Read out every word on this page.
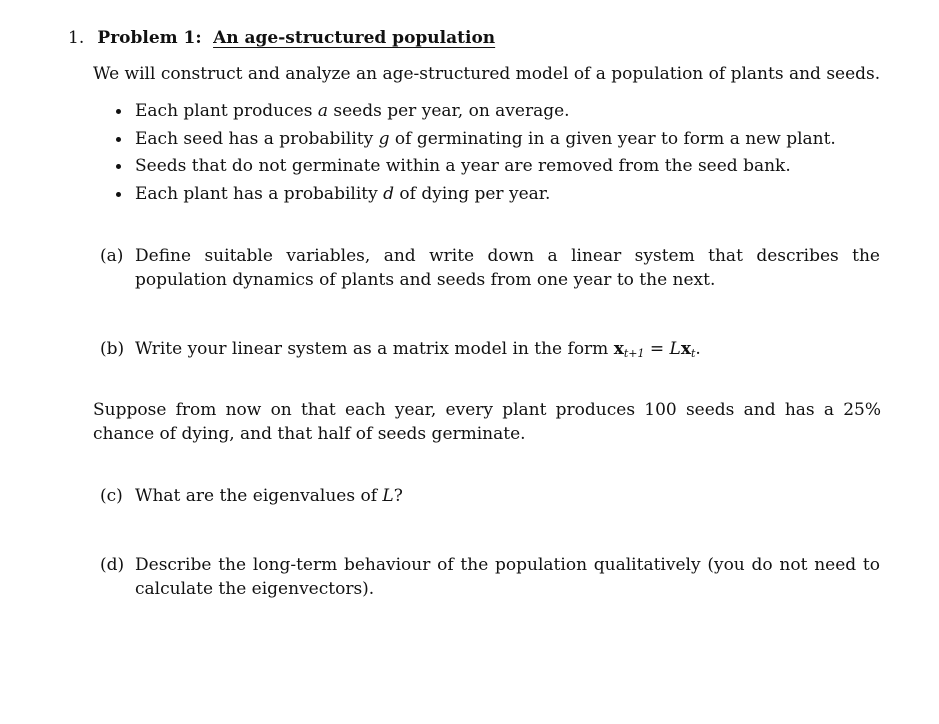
1. Problem 1: An age-structured population
We will construct and analyze an age-structured model of a population of plants and seeds.
Each plant produces a seeds per year, on average.
Each seed has a probability g of germinating in a given year to form a new plant.
Seeds that do not germinate within a year are removed from the seed bank.
Each plant has a probability d of dying per year.
(a) Define suitable variables, and write down a linear system that describes the population dynamics of plants and seeds from one year to the next.
(b) Write your linear system as a matrix model in the form $x_{t+1} = Lx_t$.
Suppose from now on that each year, every plant produces 100 seeds and has a 25% chance of dying, and that half of seeds germinate.
(c) What are the eigenvalues of L?
(d) Describe the long-term behaviour of the population qualitatively (you do not need to calculate the eigenvectors).
